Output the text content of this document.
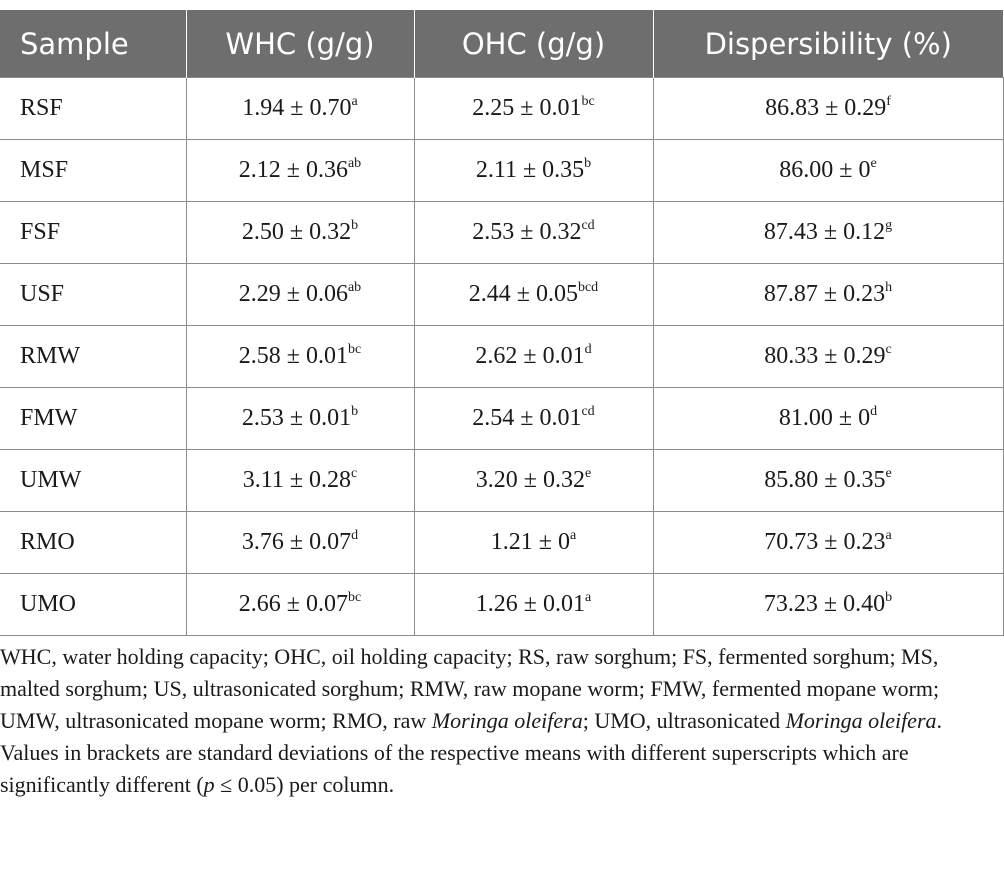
Sample	WHC (g/g)	OHC (g/g)	Dispersibility (%)
RSF	1.94 ± 0.70$^a$	2.25 ± 0.01$^{bc}$	86.83 ± 0.29$^f$
MSF	2.12 ± 0.36$^{ab}$	2.11 ± 0.35$^b$	$86.00 \pm 0^e$
FSF	2.50 ± 0.32$^b$	2.53 ± 0.32$^{cd}$	87.43 ± 0.12$^g$
USF	2.29 ± 0.06$^{ab}$	2.44 ± 0.05$^{bcd}$	87.87 ± 0.23$^h$
RMW	2.58 ± 0.01$^{bc}$	2.62 ± 0.01$^d$	80.33 ± 0.29$^c$
FMW	2.53 ± 0.01$^b$	2.54 ± 0.01$^{cd}$	$81.00 \pm 0^d$
UMW	3.11 ± 0.28$^c$	3.20 ± 0.32$^e$	85.80 ± 0.35$^e$
RMO	3.76 ± 0.07$^d$	$1.21 \pm 0^a$	70.73 ± 0.23$^a$
UMO	2.66 ± 0.07$^{bc}$	1.26 ± 0.01$^a$	73.23 ± 0.40$^b$

WHC, water holding capacity; OHC, oil holding capacity; RS, raw sorghum; FS, fermented sorghum; MS, malted sorghum; US, ultrasonicated sorghum; RMW, raw mopane worm; FMW, fermented mopane worm; UMW, ultrasonicated mopane worm; RMO, raw Moringa oleifera; UMO, ultrasonicated Moringa oleifera. Values in brackets are standard deviations of the respective means with different superscripts which are significantly different (p ≤ 0.05) per column.
